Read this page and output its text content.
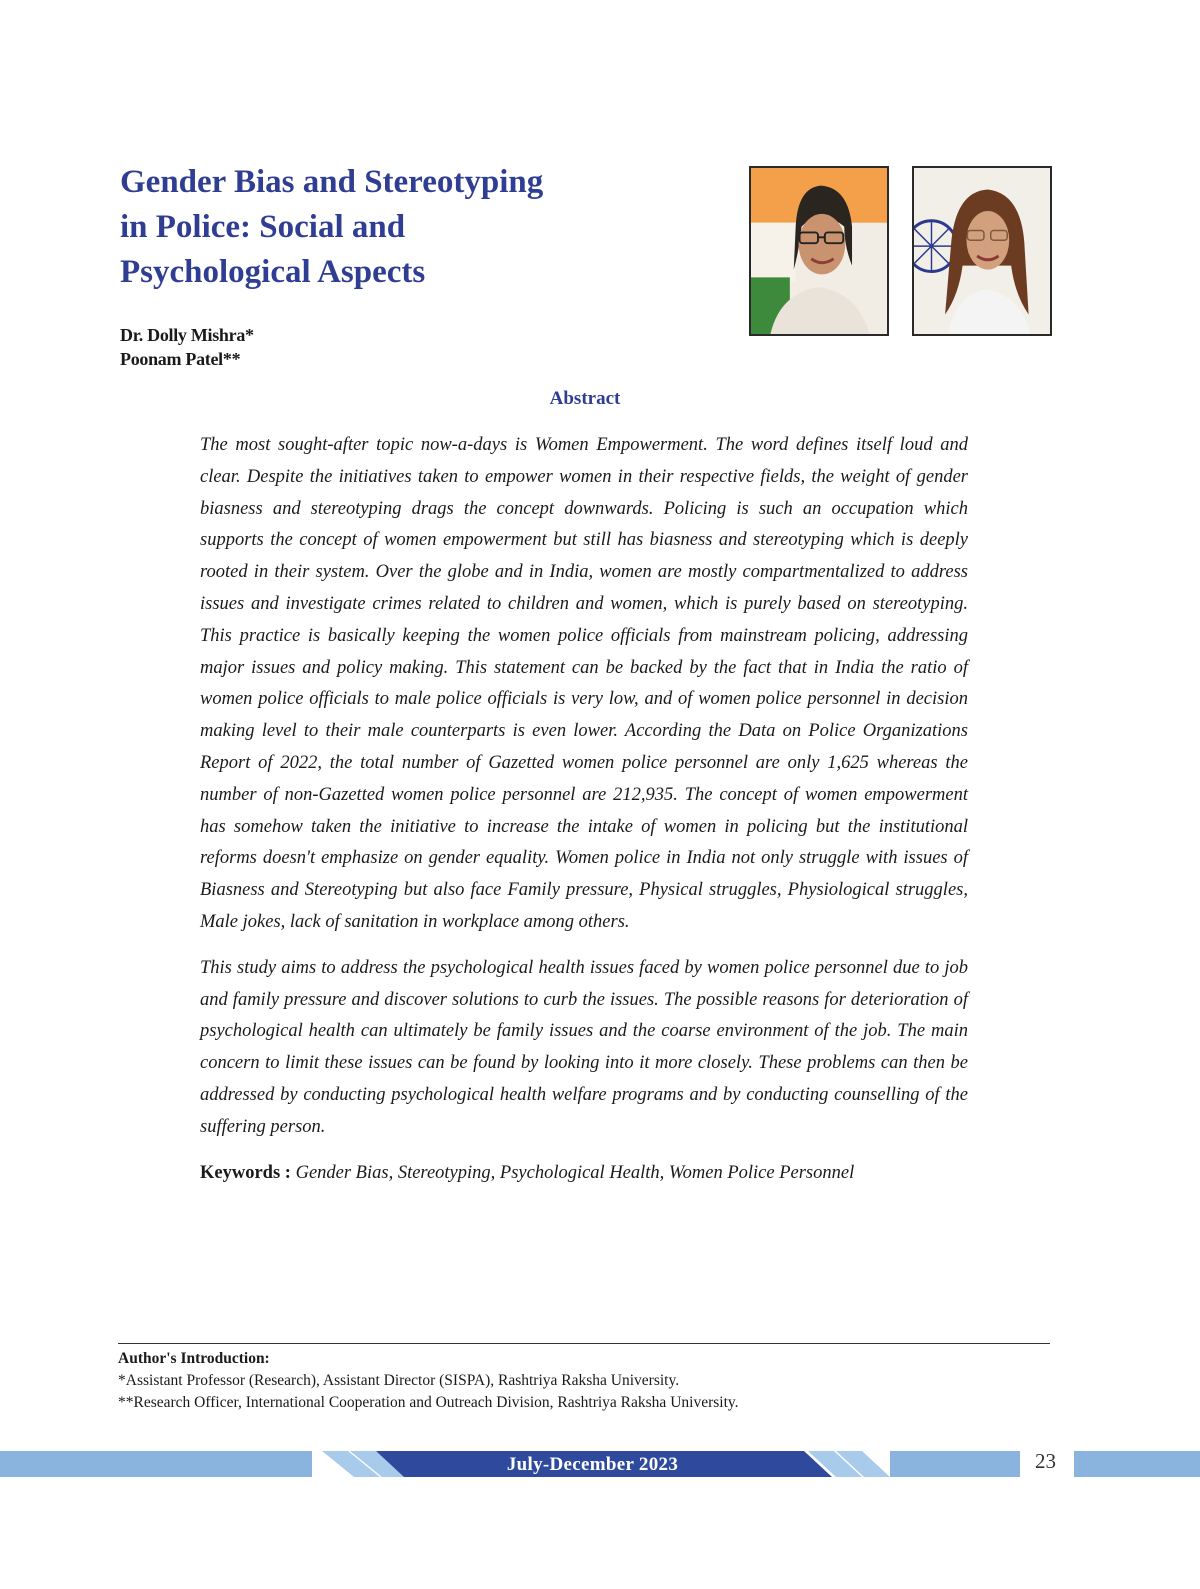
Gender Bias and Stereotyping
in Police: Social and
Psychological Aspects
Dr. Dolly Mishra*
Poonam Patel**
Abstract

The most sought-after topic now-a-days is Women Empowerment. The word defines itself loud and clear. Despite the initiatives taken to empower women in their respective fields, the weight of gender biasness and stereotyping drags the concept downwards. Policing is such an occupation which supports the concept of women empowerment but still has biasness and stereotyping which is deeply rooted in their system. Over the globe and in India, women are mostly compartmentalized to address issues and investigate crimes related to children and women, which is purely based on stereotyping. This practice is basically keeping the women police officials from mainstream policing, addressing major issues and policy making. This statement can be backed by the fact that in India the ratio of women police officials to male police officials is very low, and of women police personnel in decision making level to their male counterparts is even lower. According the Data on Police Organizations Report of 2022, the total number of Gazetted women police personnel are only 1,625 whereas the number of non-Gazetted women police personnel are 212,935. The concept of women empowerment has somehow taken the initiative to increase the intake of women in policing but the institutional reforms doesn't emphasize on gender equality. Women police in India not only struggle with issues of Biasness and Stereotyping but also face Family pressure, Physical struggles, Physiological struggles, Male jokes, lack of sanitation in workplace among others.

This study aims to address the psychological health issues faced by women police personnel due to job and family pressure and discover solutions to curb the issues. The possible reasons for deterioration of psychological health can ultimately be family issues and the coarse environment of the job. The main concern to limit these issues can be found by looking into it more closely. These problems can then be addressed by conducting psychological health welfare programs and by conducting counselling of the suffering person.

Keywords : Gender Bias, Stereotyping, Psychological Health, Women Police Personnel

Author's Introduction:
*Assistant Professor (Research), Assistant Director (SISPA), Rashtriya Raksha University.
**Research Officer, International Cooperation and Outreach Division, Rashtriya Raksha University.
July-December 2023	23
